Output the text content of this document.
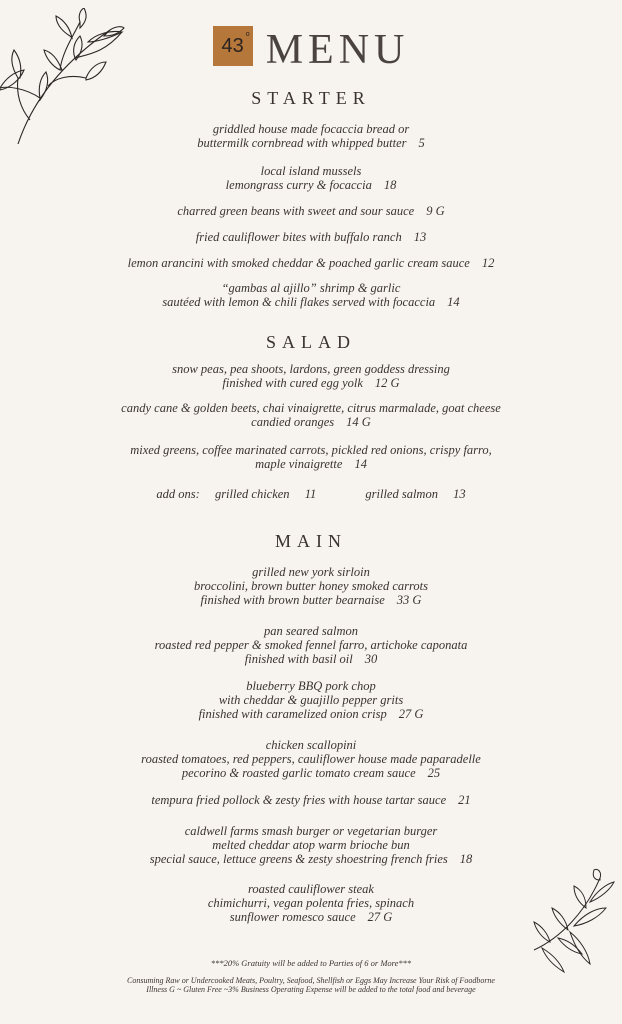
43
o MENU
STARTER
griddled house made focaccia bread or
buttermilk cornbread with whipped butter 5
local island mussels
lemongrass curry & focaccia 18
charred green beans with sweet and sour sauce 9 G
fried cauliflower bites with buffalo ranch 13
lemon arancini with smoked cheddar & poached garlic cream sauce 12
“gambas al ajillo” shrimp & garlic
sautéed with lemon & chili flakes served with focaccia 14
SALAD
snow peas, pea shoots, lardons, green goddess dressing
finished with cured egg yolk 12 G
candy cane & golden beets, chai vinaigrette, citrus marmalade, goat cheese
candied oranges 14 G
mixed greens, coffee marinated carrots, pickled red onions, crispy farro,
maple vinaigrette 14
add ons: grilled chicken 11	grilled salmon 13
MAIN
grilled new york sirloin
broccolini, brown butter honey smoked carrots
finished with brown butter bearnaise 33 G
pan seared salmon
roasted red pepper & smoked fennel farro, artichoke caponata
finished with basil oil 30
blueberry BBQ pork chop
with cheddar & guajillo pepper grits
finished with caramelized onion crisp 27 G
chicken scallopini
roasted tomatoes, red peppers, cauliflower house made paparadelle
pecorino & roasted garlic tomato cream sauce 25
tempura fried pollock & zesty fries with house tartar sauce 21
caldwell farms smash burger or vegetarian burger
melted cheddar atop warm brioche bun
special sauce, lettuce greens & zesty shoestring french fries 18
roasted cauliflower steak
chimichurri, vegan polenta fries, spinach
sunflower romesco sauce 27 G
***20% Gratuity will be added to Parties of 6 or More***
Consuming Raw or Undercooked Meats, Poultry, Seafood, Shellfish or Eggs May Increase Your Risk of Foodborne
Illness G ~ Gluten Free ~3% Business Operating Expense will be added to the total food and beverage
